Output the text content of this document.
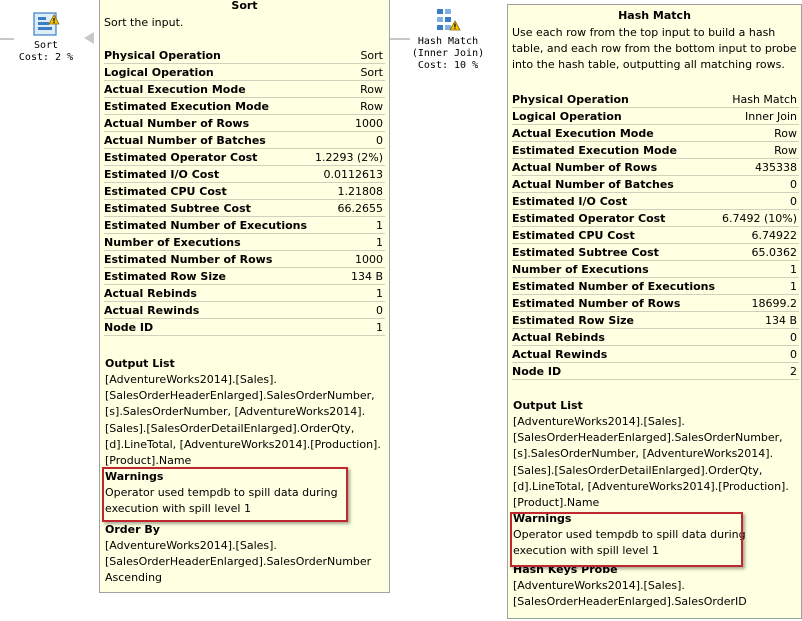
Sort
Cost: 2 %
Hash Match
(Inner Join)
Cost: 10 %
Sort
Sort the input.
Physical Operation	Sort
Logical Operation	Sort
Actual Execution Mode	Row
Estimated Execution Mode	Row
Actual Number of Rows	1000
Actual Number of Batches	0
Estimated Operator Cost	1.2293 (2%)
Estimated I/O Cost	0.0112613
Estimated CPU Cost	1.21808
Estimated Subtree Cost	66.2655
Estimated Number of Executions	1
Number of Executions	1
Estimated Number of Rows	1000
Estimated Row Size	134 B
Actual Rebinds	1
Actual Rewinds	0
Node ID	1
Output List
[AdventureWorks2014].[Sales].
[SalesOrderHeaderEnlarged].SalesOrderNumber,
[s].SalesOrderNumber, [AdventureWorks2014].
[Sales].[SalesOrderDetailEnlarged].OrderQty,
[d].LineTotal, [AdventureWorks2014].[Production].
[Product].Name
Warnings
Operator used tempdb to spill data during
execution with spill level 1
Order By
[AdventureWorks2014].[Sales].
[SalesOrderHeaderEnlarged].SalesOrderNumber
Ascending
Hash Match
Use each row from the top input to build a hash
table, and each row from the bottom input to probe
into the hash table, outputting all matching rows.
Physical Operation	Hash Match
Logical Operation	Inner Join
Actual Execution Mode	Row
Estimated Execution Mode	Row
Actual Number of Rows	435338
Actual Number of Batches	0
Estimated I/O Cost	0
Estimated Operator Cost	6.7492 (10%)
Estimated CPU Cost	6.74922
Estimated Subtree Cost	65.0362
Number of Executions	1
Estimated Number of Executions	1
Estimated Number of Rows	18699.2
Estimated Row Size	134 B
Actual Rebinds	0
Actual Rewinds	0
Node ID	2
Output List
[AdventureWorks2014].[Sales].
[SalesOrderHeaderEnlarged].SalesOrderNumber,
[s].SalesOrderNumber, [AdventureWorks2014].
[Sales].[SalesOrderDetailEnlarged].OrderQty,
[d].LineTotal, [AdventureWorks2014].[Production].
[Product].Name
Warnings
Operator used tempdb to spill data during
execution with spill level 1
Hash Keys Probe
[AdventureWorks2014].[Sales].
[SalesOrderHeaderEnlarged].SalesOrderID
